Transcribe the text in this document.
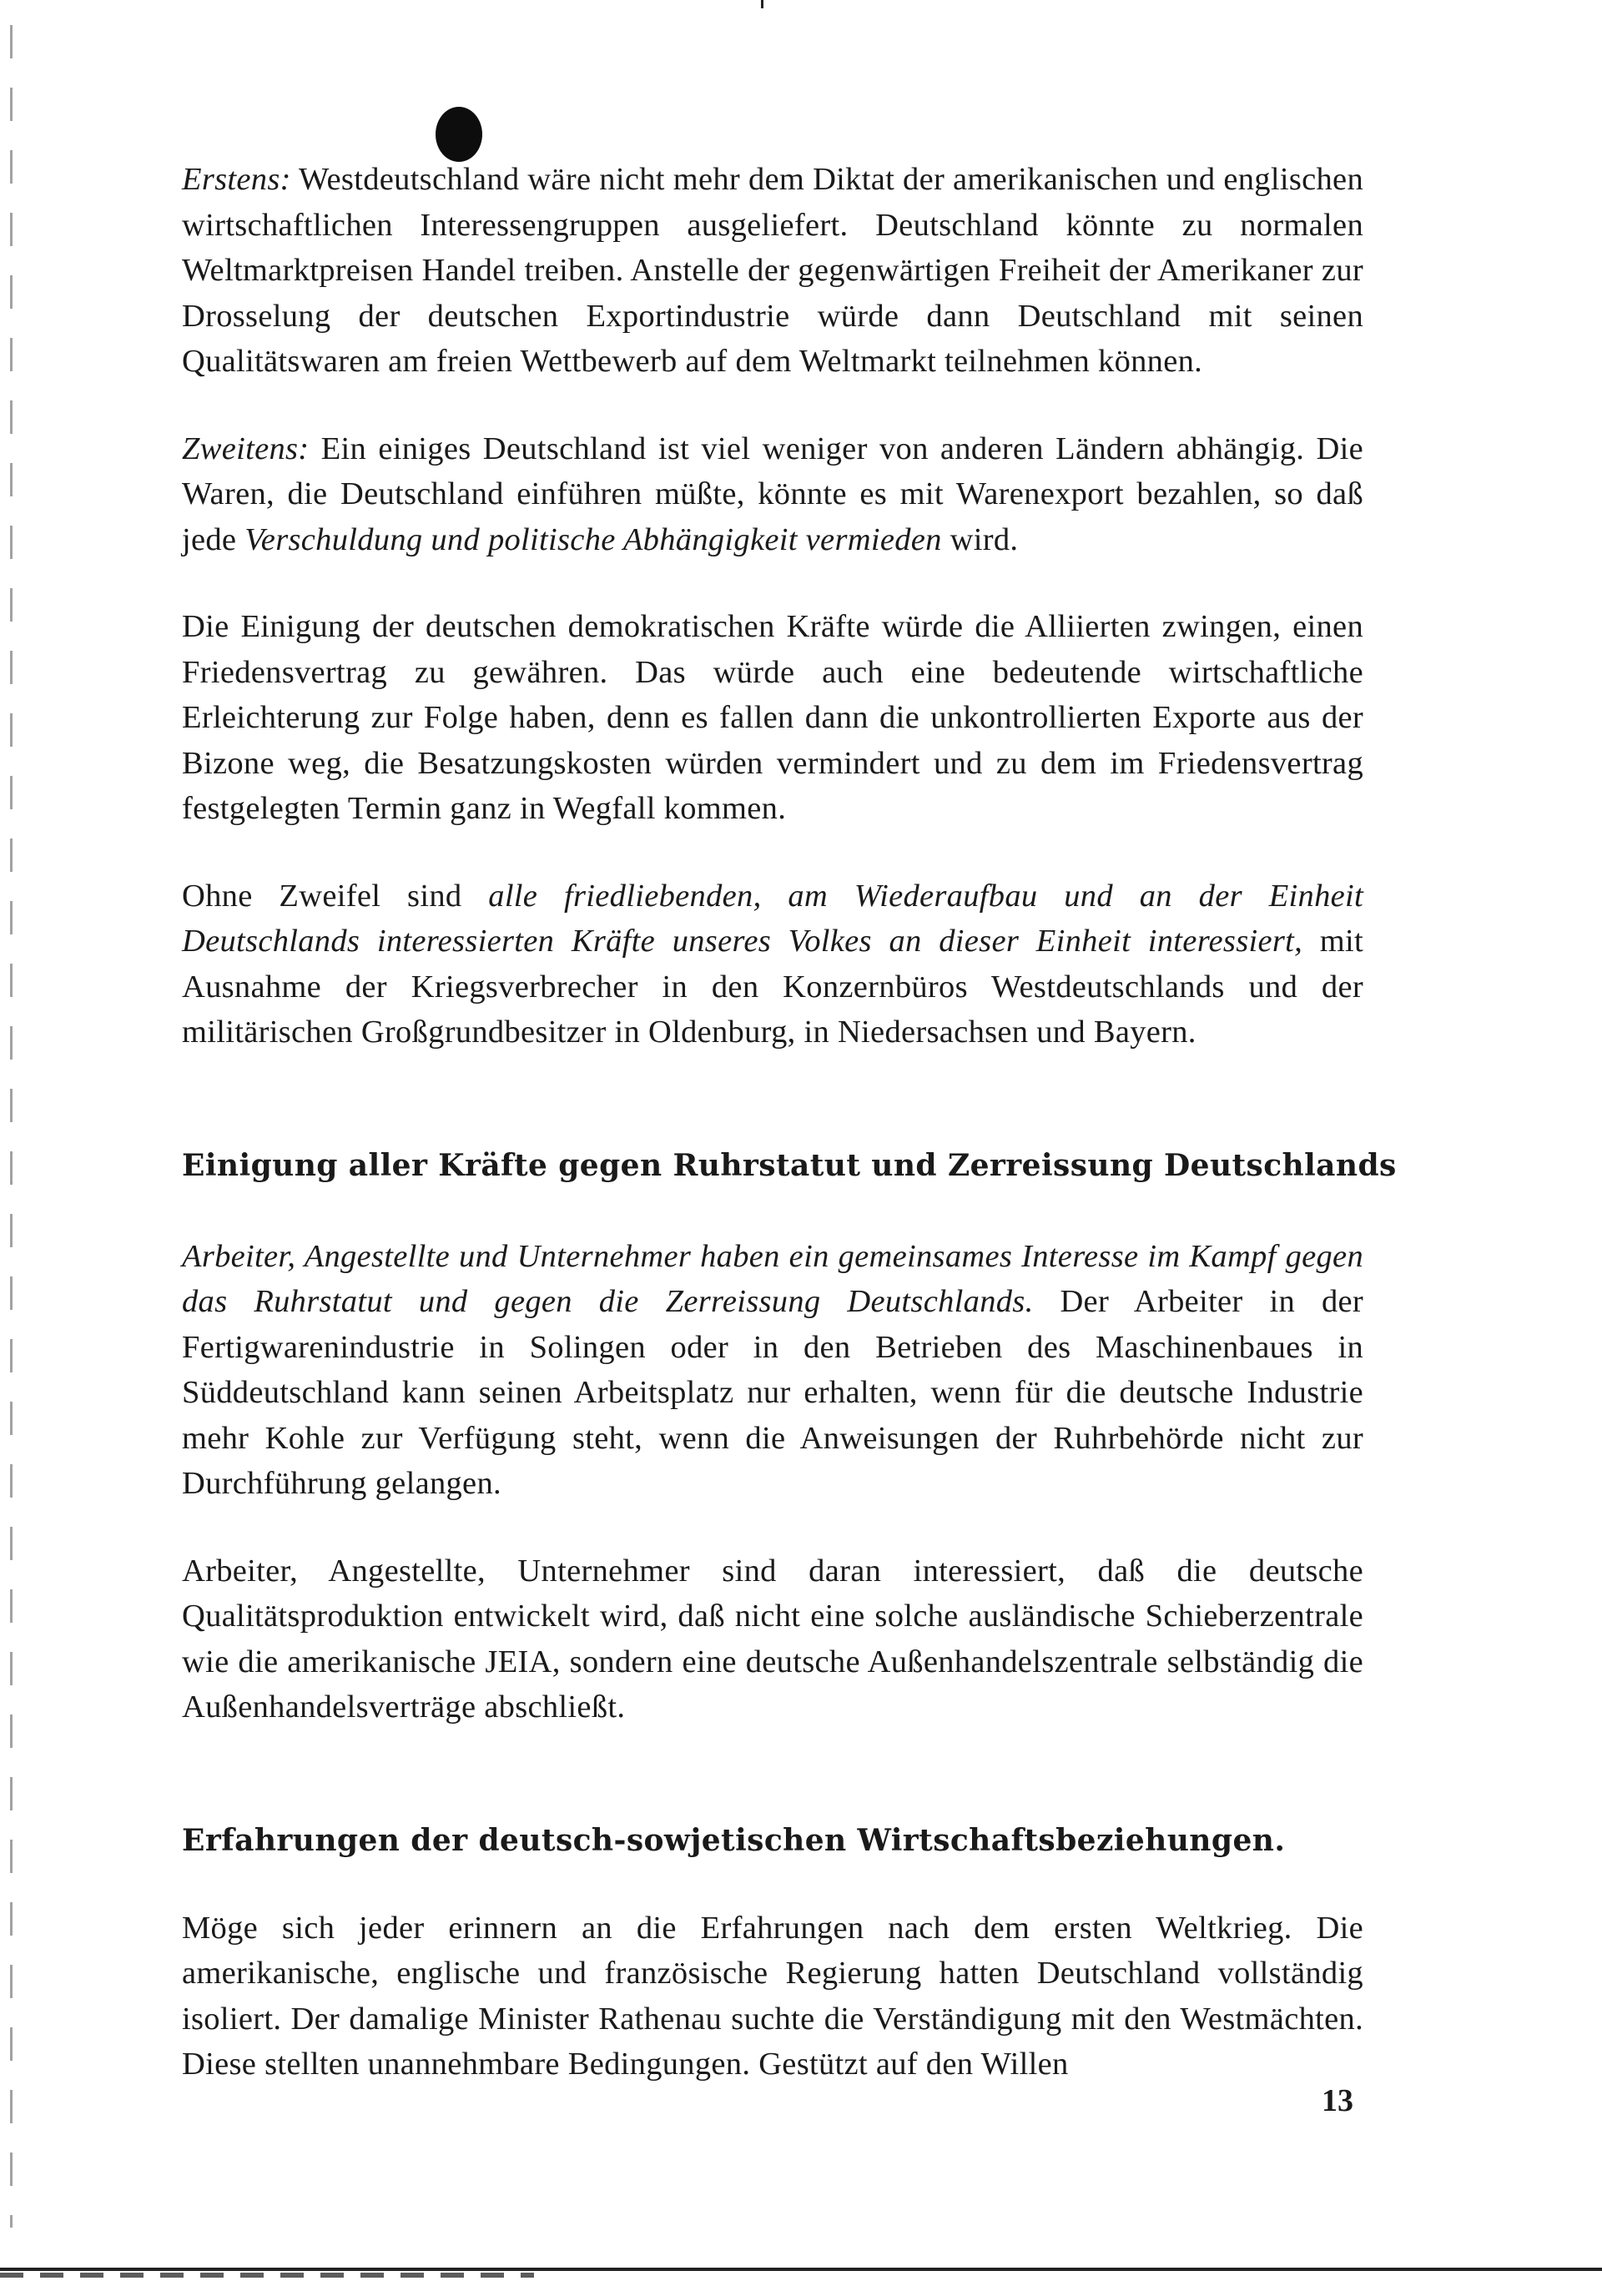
Erstens: Westdeutschland wäre nicht mehr dem Diktat der amerikanischen und englischen wirtschaftlichen Interessengruppen ausgeliefert. Deutschland könnte zu normalen Weltmarktpreisen Handel treiben. Anstelle der gegenwärtigen Freiheit der Amerikaner zur Drosselung der deutschen Exportindustrie würde dann Deutschland mit seinen Qualitätswaren am freien Wettbewerb auf dem Weltmarkt teilnehmen können.

Zweitens: Ein einiges Deutschland ist viel weniger von anderen Ländern abhängig. Die Waren, die Deutschland einführen müßte, könnte es mit Warenexport bezahlen, so daß jede Verschuldung und politische Abhängigkeit vermieden wird.

Die Einigung der deutschen demokratischen Kräfte würde die Alliierten zwingen, einen Friedensvertrag zu gewähren. Das würde auch eine bedeutende wirtschaftliche Erleichterung zur Folge haben, denn es fallen dann die unkontrollierten Exporte aus der Bizone weg, die Besatzungskosten würden vermindert und zu dem im Friedensvertrag festgelegten Termin ganz in Wegfall kommen.

Ohne Zweifel sind alle friedliebenden, am Wiederaufbau und an der Einheit Deutschlands interessierten Kräfte unseres Volkes an dieser Einheit interessiert, mit Ausnahme der Kriegsverbrecher in den Konzernbüros Westdeutschlands und der militärischen Großgrundbesitzer in Oldenburg, in Niedersachsen und Bayern.

Einigung aller Kräfte gegen Ruhrstatut und Zerreissung Deutschlands

Arbeiter, Angestellte und Unternehmer haben ein gemeinsames Interesse im Kampf gegen das Ruhrstatut und gegen die Zerreissung Deutschlands. Der Arbeiter in der Fertigwarenindustrie in Solingen oder in den Betrieben des Maschinenbaues in Süddeutschland kann seinen Arbeitsplatz nur erhalten, wenn für die deutsche Industrie mehr Kohle zur Verfügung steht, wenn die Anweisungen der Ruhrbehörde nicht zur Durchführung gelangen.

Arbeiter, Angestellte, Unternehmer sind daran interessiert, daß die deutsche Qualitätsproduktion entwickelt wird, daß nicht eine solche ausländische Schieberzentrale wie die amerikanische JEIA, sondern eine deutsche Außenhandelszentrale selbständig die Außenhandelsverträge abschließt.

Erfahrungen der deutsch-sowjetischen Wirtschaftsbeziehungen.

Möge sich jeder erinnern an die Erfahrungen nach dem ersten Weltkrieg. Die amerikanische, englische und französische Regierung hatten Deutschland vollständig isoliert. Der damalige Minister Rathenau suchte die Verständigung mit den Westmächten. Diese stellten unannehmbare Bedingungen. Gestützt auf den Willen

13
